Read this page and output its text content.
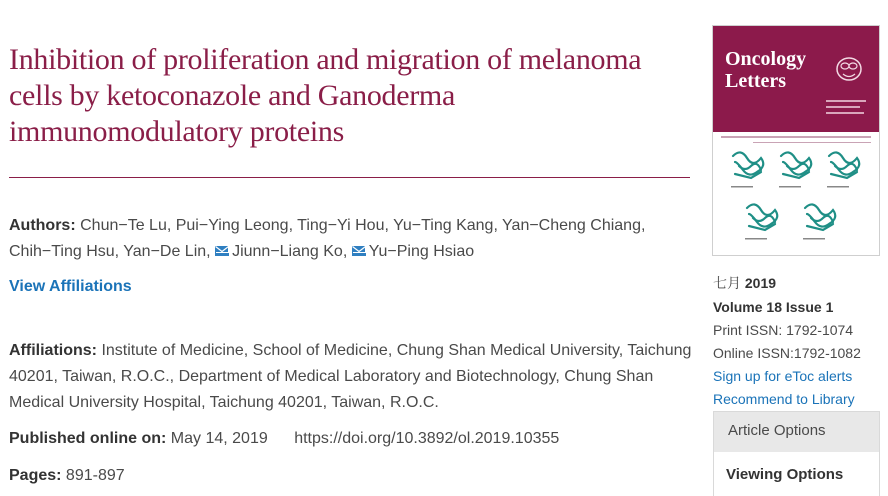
Inhibition of proliferation and migration of melanoma cells by ketoconazole and Ganoderma immunomodulatory proteins
Authors: Chun−Te Lu, Pui−Ying Leong, Ting−Yi Hou, Yu−Ting Kang, Yan−Cheng Chiang, Chih−Ting Hsu, Yan−De Lin, Jiunn−Liang Ko, Yu−Ping Hsiao
View Affiliations
Affiliations: Institute of Medicine, School of Medicine, Chung Shan Medical University, Taichung 40201, Taiwan, R.O.C., Department of Medical Laboratory and Biotechnology, Chung Shan Medical University Hospital, Taichung 40201, Taiwan, R.O.C.
Published online on: May 14, 2019 https://doi.org/10.3892/ol.2019.10355
Pages: 891-897
Oncology
Letters
七月 2019
Volume 18 Issue 1
Print ISSN: 1792-1074
Online ISSN:1792-1082
Sign up for eToc alerts
Recommend to Library
Article Options
Viewing Options
